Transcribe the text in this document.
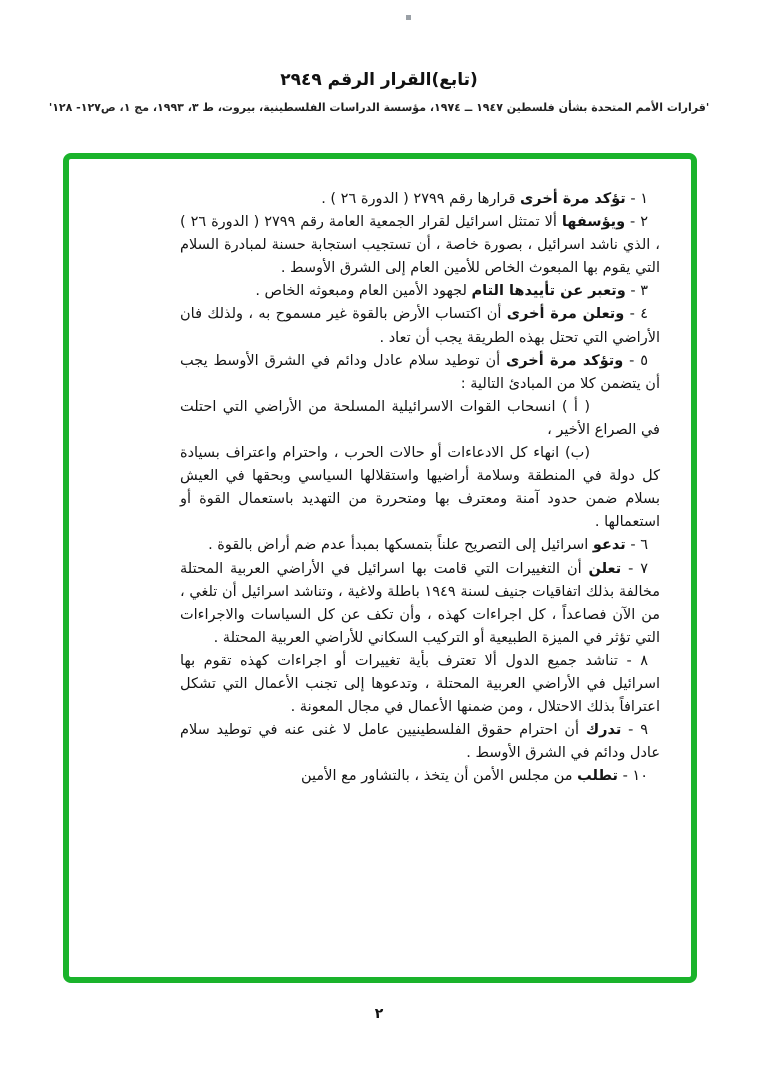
(تابع)القرار الرقم ٢٩٤٩
'قرارات الأمم المتحدة بشأن فلسطين ١٩٤٧ ــ ١٩٧٤، مؤسسة الدراسات الفلسطينية، بيروت، ط ٣، ١٩٩٣، مج ١، ص١٢٧- ١٢٨'
١ - تؤكد مرة أخرى قرارها رقم ٢٧٩٩ ( الدورة ٢٦ ) .
٢ - ويؤسفها ألا تمتثل اسرائيل لقرار الجمعية العامة رقم ٢٧٩٩ ( الدورة ٢٦ ) ، الذي ناشد اسرائيل ، بصورة خاصة ، أن تستجيب استجابة حسنة لمبادرة السلام التي يقوم بها المبعوث الخاص للأمين العام إلى الشرق الأوسط .
٣ - وتعبر عن تأييدها التام لجهود الأمين العام ومبعوثه الخاص .
٤ - وتعلن مرة أخرى أن اكتساب الأرض بالقوة غير مسموح به ، ولذلك فان الأراضي التي تحتل بهذه الطريقة يجب أن تعاد .
٥ - وتؤكد مرة أخرى أن توطيد سلام عادل ودائم في الشرق الأوسط يجب أن يتضمن كلا من المبادئ التالية :
( أ ) انسحاب القوات الاسرائيلية المسلحة من الأراضي التي احتلت في الصراع الأخير ،
(ب) انهاء كل الادعاءات أو حالات الحرب ، واحترام واعتراف بسيادة كل دولة في المنطقة وسلامة أراضيها واستقلالها السياسي وبحقها في العيش بسلام ضمن حدود آمنة ومعترف بها ومتحررة من التهديد باستعمال القوة أو استعمالها .
٦ - تدعو اسرائيل إلى التصريح علناً بتمسكها بمبدأ عدم ضم أراض بالقوة .
٧ - تعلن أن التغييرات التي قامت بها اسرائيل في الأراضي العربية المحتلة مخالفة بذلك اتفاقيات جنيف لسنة ١٩٤٩ باطلة ولاغية ، وتناشد اسرائيل أن تلغي ، من الآن فصاعداً ، كل اجراءات كهذه ، وأن تكف عن كل السياسات والاجراءات التي تؤثر في الميزة الطبيعية أو التركيب السكاني للأراضي العربية المحتلة .
٨ - تناشد جميع الدول ألا تعترف بأية تغييرات أو اجراءات كهذه تقوم بها اسرائيل في الأراضي العربية المحتلة ، وتدعوها إلى تجنب الأعمال التي تشكل اعترافاً بذلك الاحتلال ، ومن ضمنها الأعمال في مجال المعونة .
٩ - تدرك أن احترام حقوق الفلسطينيين عامل لا غنى عنه في توطيد سلام عادل ودائم في الشرق الأوسط .
١٠ - تطلب من مجلس الأمن أن يتخذ ، بالتشاور مع الأمين
٢
